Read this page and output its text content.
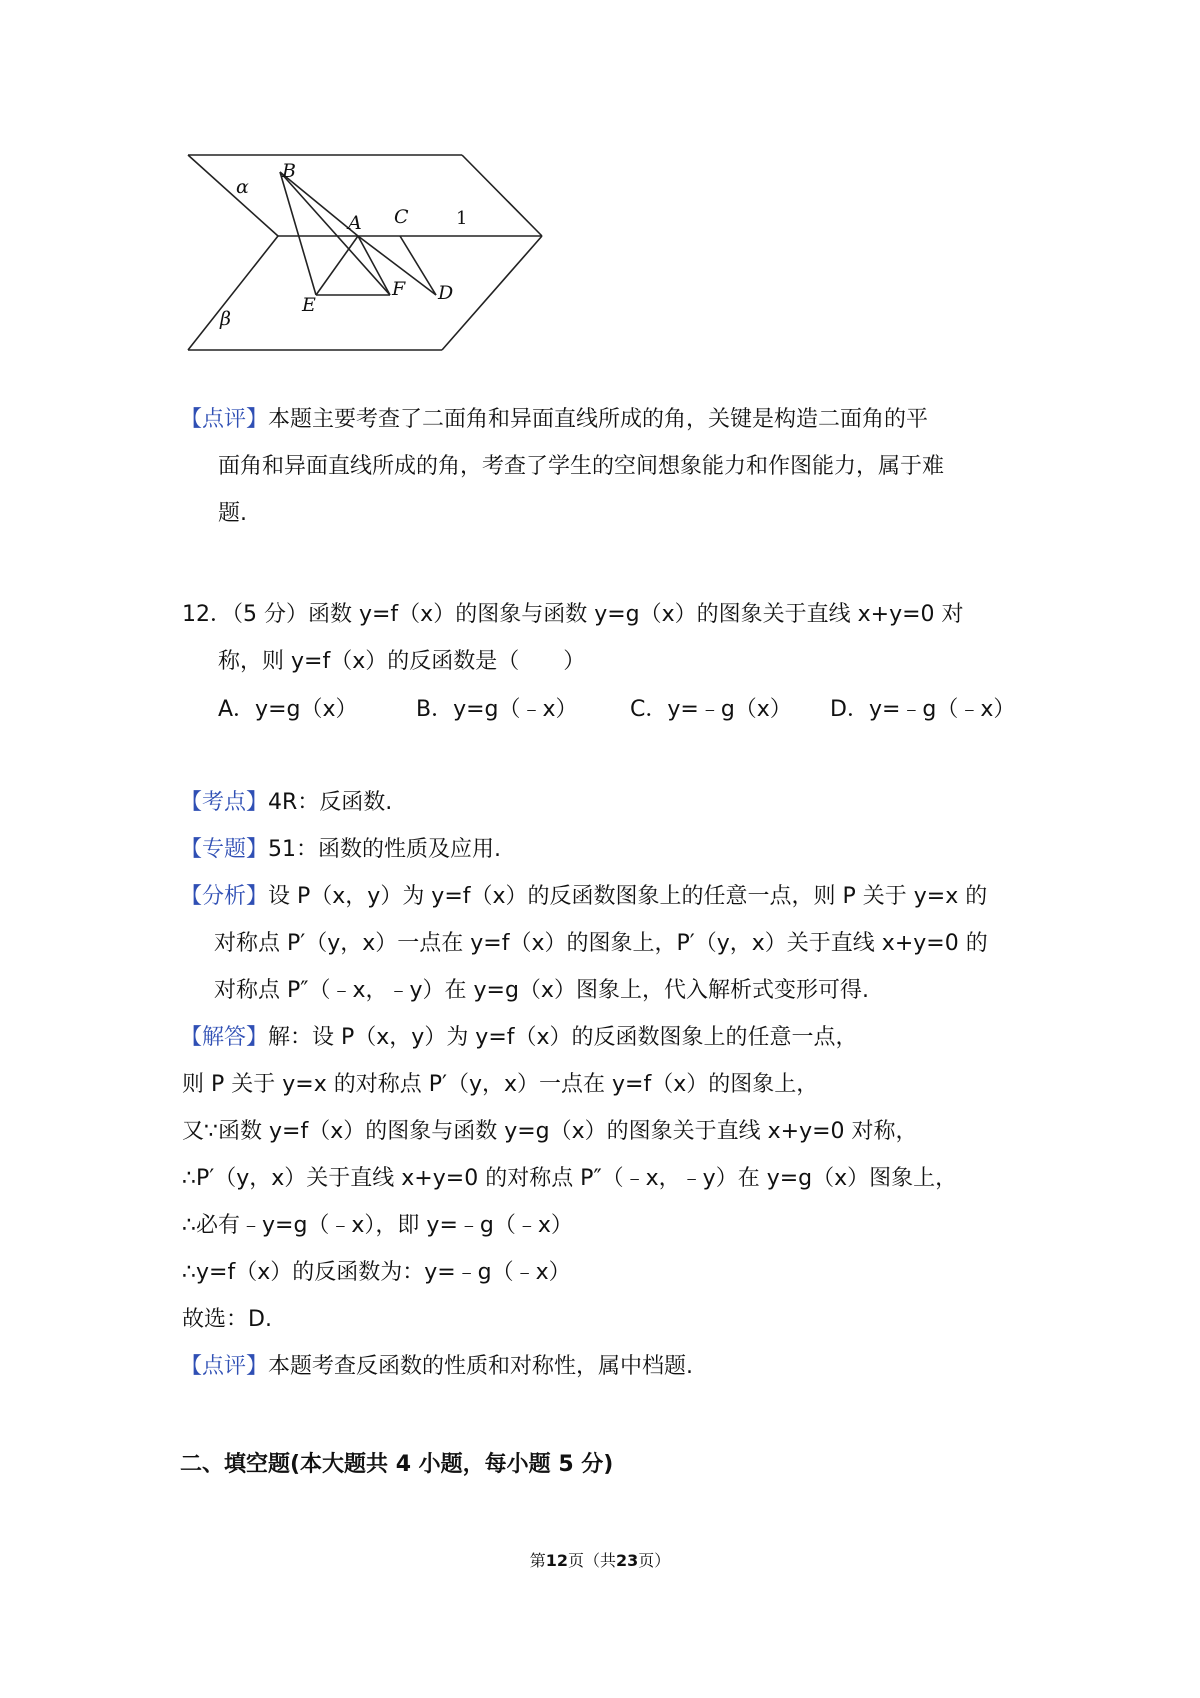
α
β
B
A C	1
E
F D
【点评】本题主要考查了二面角和异面直线所成的角，关键是构造二面角的平
面角和异面直线所成的角，考查了学生的空间想象能力和作图能力，属于难
题.
12．（5 分）函数 y=f（x）的图象与函数 y=g（x）的图象关于直线 x+y=0 对
称，则 y=f（x）的反函数是（　　）
A．y=g（x）	B．y=g（﹣x） C．y=﹣g（x） D．y=﹣g（﹣x）
【考点】4R：反函数.
【专题】51：函数的性质及应用.
【分析】设 P（x，y）为 y=f（x）的反函数图象上的任意一点，则 P 关于 y=x 的
对称点 P′（y，x）一点在 y=f（x）的图象上，P′（y，x）关于直线 x+y=0 的
对称点 P″（﹣x，﹣y）在 y=g（x）图象上，代入解析式变形可得.
【解答】解：设 P（x，y）为 y=f（x）的反函数图象上的任意一点，
则 P 关于 y=x 的对称点 P′（y，x）一点在 y=f（x）的图象上，
又∵函数 y=f（x）的图象与函数 y=g（x）的图象关于直线 x+y=0 对称，
∴P′（y，x）关于直线 x+y=0 的对称点 P″（﹣x，﹣y）在 y=g（x）图象上，
∴必有﹣y=g（﹣x），即 y=﹣g（﹣x）
∴y=f（x）的反函数为：y=﹣g（﹣x）
故选：D.
【点评】本题考查反函数的性质和对称性，属中档题.
二、填空题(本大题共 4 小题，每小题 5 分)
第12页（共23页）
